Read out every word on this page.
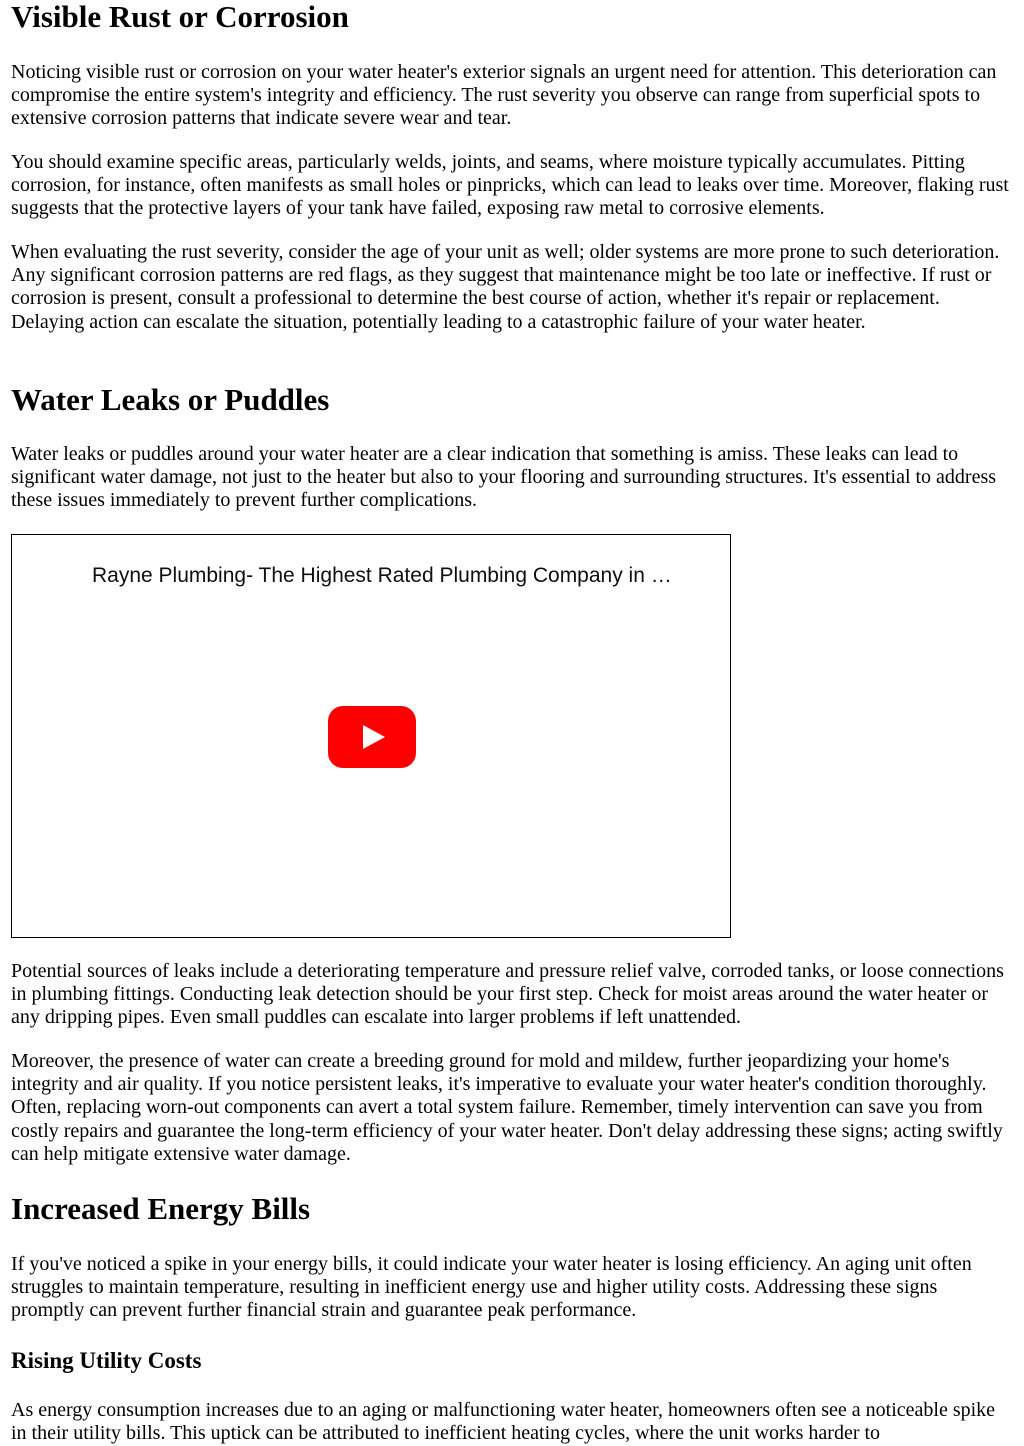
Visible Rust or Corrosion

Noticing visible rust or corrosion on your water heater's exterior signals an urgent need for attention. This deterioration can compromise the entire system's integrity and efficiency. The rust severity you observe can range from superficial spots to extensive corrosion patterns that indicate severe wear and tear.

You should examine specific areas, particularly welds, joints, and seams, where moisture typically accumulates. Pitting corrosion, for instance, often manifests as small holes or pinpricks, which can lead to leaks over time. Moreover, flaking rust suggests that the protective layers of your tank have failed, exposing raw metal to corrosive elements.

When evaluating the rust severity, consider the age of your unit as well; older systems are more prone to such deterioration. Any significant corrosion patterns are red flags, as they suggest that maintenance might be too late or ineffective. If rust or corrosion is present, consult a professional to determine the best course of action, whether it's repair or replacement. Delaying action can escalate the situation, potentially leading to a catastrophic failure of your water heater.

Water Leaks or Puddles

Water leaks or puddles around your water heater are a clear indication that something is amiss. These leaks can lead to significant water damage, not just to the heater but also to your flooring and surrounding structures. It's essential to address these issues immediately to prevent further complications.

Rayne Plumbing- The Highest Rated Plumbing Company in …

Potential sources of leaks include a deteriorating temperature and pressure relief valve, corroded tanks, or loose connections in plumbing fittings. Conducting leak detection should be your first step. Check for moist areas around the water heater or any dripping pipes. Even small puddles can escalate into larger problems if left unattended.

Moreover, the presence of water can create a breeding ground for mold and mildew, further jeopardizing your home's integrity and air quality. If you notice persistent leaks, it's imperative to evaluate your water heater's condition thoroughly. Often, replacing worn-out components can avert a total system failure. Remember, timely intervention can save you from costly repairs and guarantee the long-term efficiency of your water heater. Don't delay addressing these signs; acting swiftly can help mitigate extensive water damage.

Increased Energy Bills

If you've noticed a spike in your energy bills, it could indicate your water heater is losing efficiency. An aging unit often struggles to maintain temperature, resulting in inefficient energy use and higher utility costs. Addressing these signs promptly can prevent further financial strain and guarantee peak performance.

Rising Utility Costs

As energy consumption increases due to an aging or malfunctioning water heater, homeowners often see a noticeable spike in their utility bills. This uptick can be attributed to inefficient heating cycles, where the unit works harder to
